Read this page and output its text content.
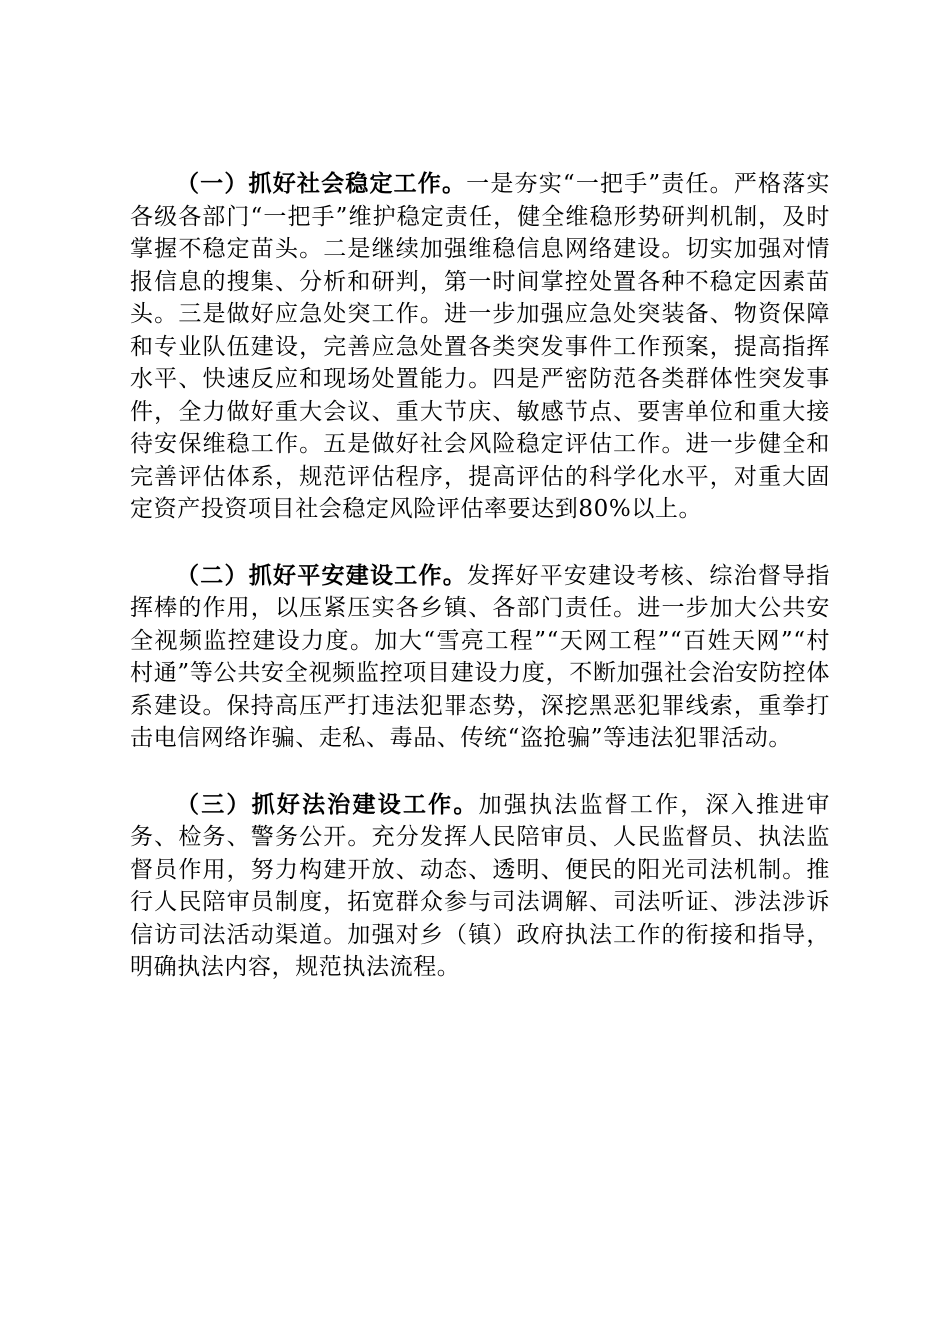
（一）抓好社会稳定工作。一是夯实“一把手”责任。严格落实各级各部门“一把手”维护稳定责任，健全维稳形势研判机制，及时掌握不稳定苗头。二是继续加强维稳信息网络建设。切实加强对情报信息的搜集、分析和研判，第一时间掌控处置各种不稳定因素苗头。三是做好应急处突工作。进一步加强应急处突装备、物资保障和专业队伍建设，完善应急处置各类突发事件工作预案，提高指挥水平、快速反应和现场处置能力。四是严密防范各类群体性突发事件，全力做好重大会议、重大节庆、敏感节点、要害单位和重大接待安保维稳工作。五是做好社会风险稳定评估工作。进一步健全和完善评估体系，规范评估程序，提高评估的科学化水平，对重大固定资产投资项目社会稳定风险评估率要达到80%以上。

（二）抓好平安建设工作。发挥好平安建设考核、综治督导指挥棒的作用，以压紧压实各乡镇、各部门责任。进一步加大公共安全视频监控建设力度。加大“雪亮工程”“天网工程”“百姓天网”“村村通”等公共安全视频监控项目建设力度，不断加强社会治安防控体系建设。保持高压严打违法犯罪态势，深挖黑恶犯罪线索，重拳打击电信网络诈骗、走私、毒品、传统“盗抢骗”等违法犯罪活动。

（三）抓好法治建设工作。加强执法监督工作，深入推进审务、检务、警务公开。充分发挥人民陪审员、人民监督员、执法监督员作用，努力构建开放、动态、透明、便民的阳光司法机制。推行人民陪审员制度，拓宽群众参与司法调解、司法听证、涉法涉诉信访司法活动渠道。加强对乡（镇）政府执法工作的衔接和指导，明确执法内容，规范执法流程。
